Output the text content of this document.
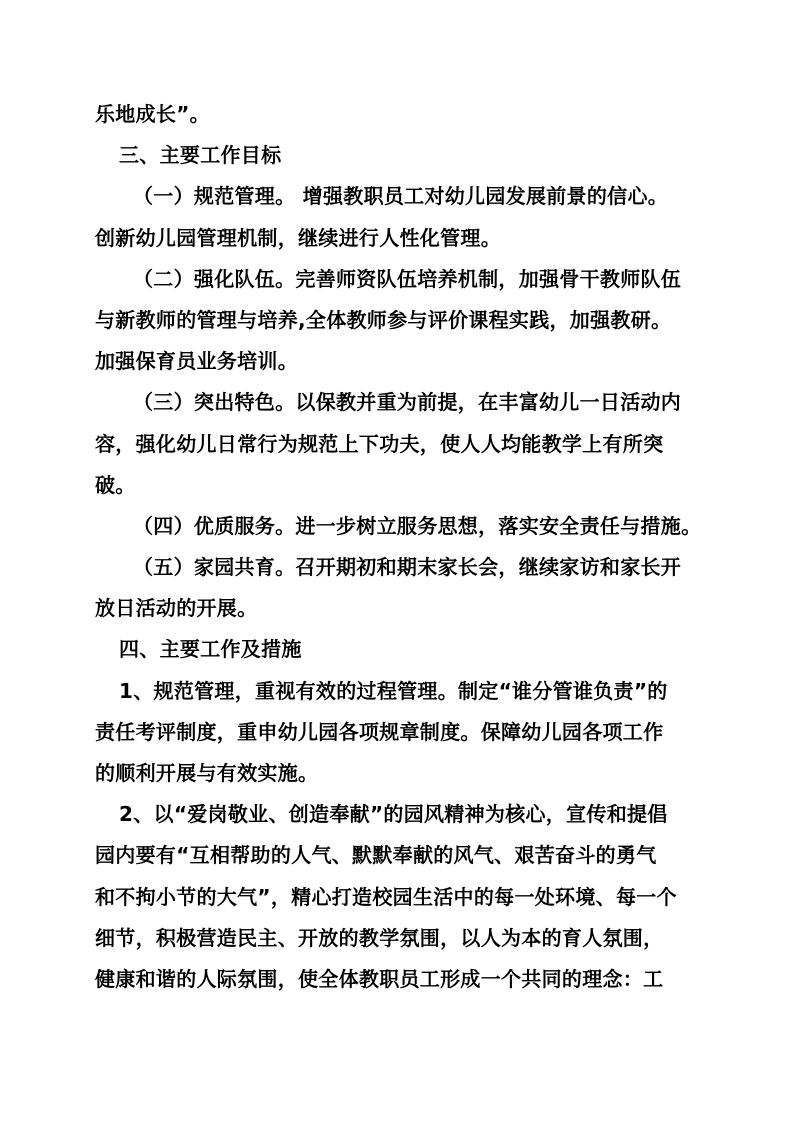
乐地成长”。
三、主要工作目标
（一）规范管理。 增强教职员工对幼儿园发展前景的信心。
创新幼儿园管理机制，继续进行人性化管理。
（二）强化队伍。完善师资队伍培养机制，加强骨干教师队伍
与新教师的管理与培养,全体教师参与评价课程实践，加强教研。
加强保育员业务培训。
（三）突出特色。以保教并重为前提，在丰富幼儿一日活动内
容，强化幼儿日常行为规范上下功夫，使人人均能教学上有所突
破。
（四）优质服务。进一步树立服务思想，落实安全责任与措施。
（五）家园共育。召开期初和期末家长会，继续家访和家长开
放日活动的开展。
四、主要工作及措施
1、规范管理，重视有效的过程管理。制定“谁分管谁负责”的
责任考评制度，重申幼儿园各项规章制度。保障幼儿园各项工作
的顺利开展与有效实施。
2、以“爱岗敬业、创造奉献”的园风精神为核心，宣传和提倡
园内要有“互相帮助的人气、默默奉献的风气、艰苦奋斗的勇气
和不拘小节的大气”，精心打造校园生活中的每一处环境、每一个
细节，积极营造民主、开放的教学氛围，以人为本的育人氛围，
健康和谐的人际氛围，使全体教职员工形成一个共同的理念：工
